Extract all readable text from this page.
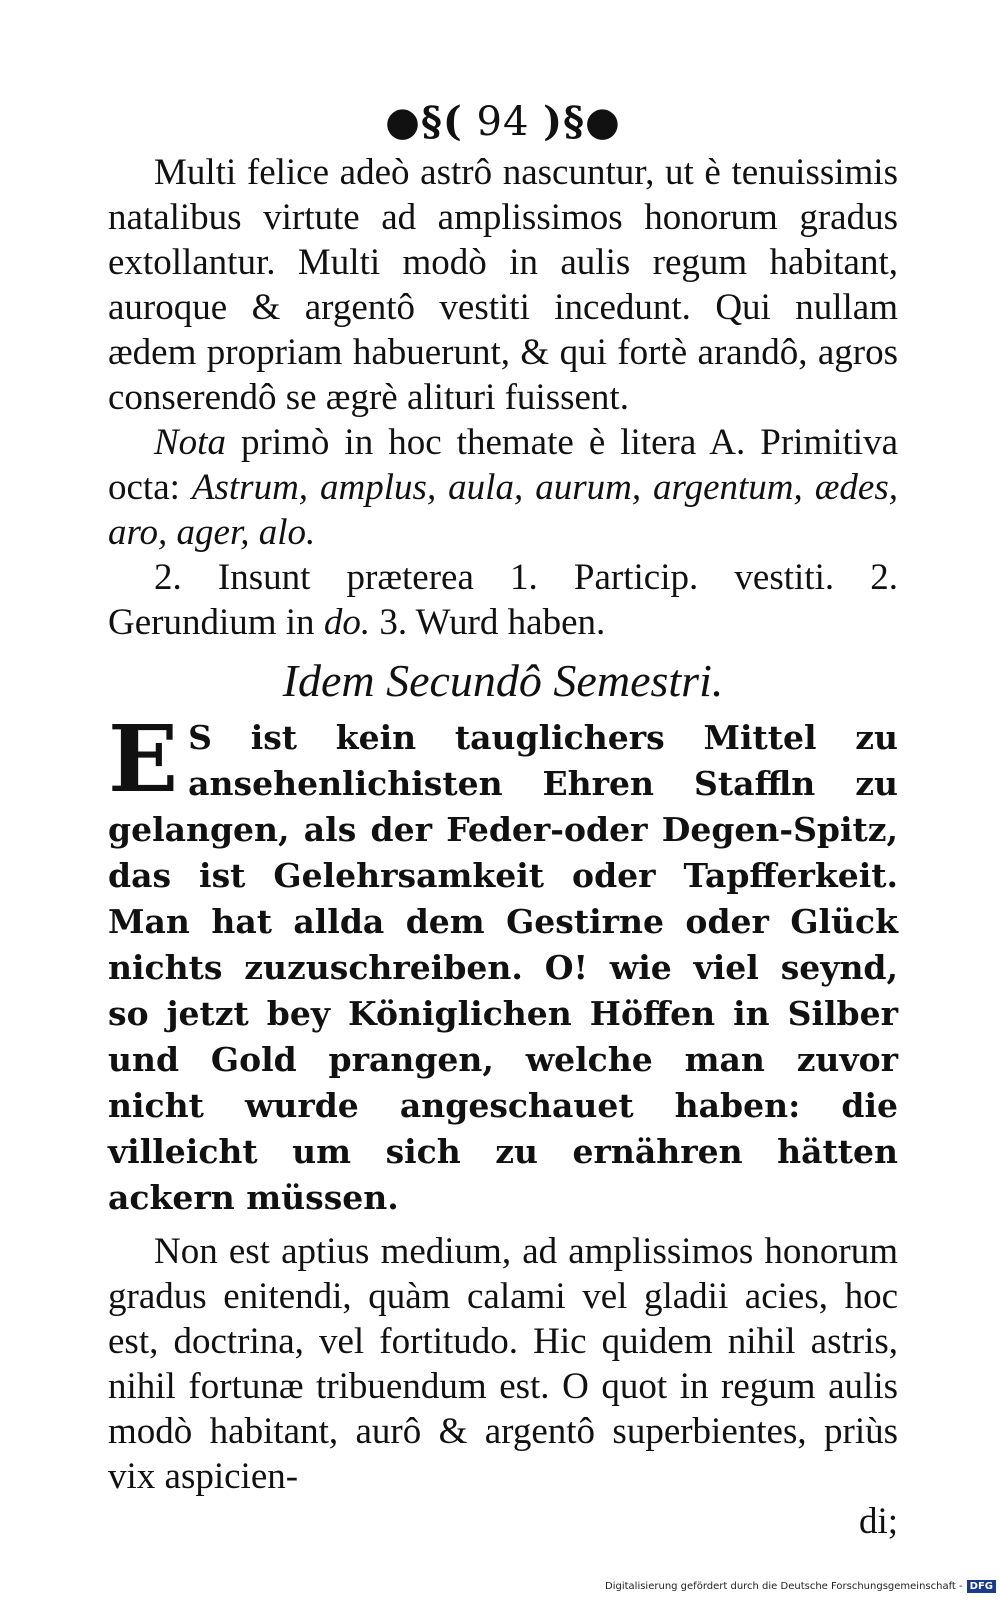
●§( 94 )§●

Multi felice adeò astrô nascuntur, ut è tenuissimis natalibus virtute ad amplissimos honorum gradus extollantur. Multi modò in aulis regum habitant, auroque & argentô vestiti incedunt. Qui nullam ædem propriam habuerunt, & qui fortè arandô, agros conserendô se ægrè alituri fuissent.

Nota primò in hoc themate è litera A. Primitiva octa: Astrum, amplus, aula, aurum, argentum, ædes, aro, ager, alo.

2. Insunt præterea 1. Particip. vestiti. 2. Gerundium in do. 3. Wurd haben.

Idem Secundô Semestri.

E S ist kein tauglichers Mittel zu ansehenlichisten Ehren Staffln zu gelangen, als der Feder-oder Degen-Spitz, das ist Gelehrsamkeit oder Tapfferkeit. Man hat allda dem Gestirne oder Glück nichts zuzuschreiben. O! wie viel seynd, so jetzt bey Königlichen Höffen in Silber und Gold prangen, welche man zuvor nicht wurde angeschauet haben: die villeicht um sich zu ernähren hätten ackern müssen.

Non est aptius medium, ad amplissimos honorum gradus enitendi, quàm calami vel gladii acies, hoc est, doctrina, vel fortitudo. Hic quidem nihil astris, nihil fortunæ tribuendum est. O quot in regum aulis modò habitant, aurô & argentô superbientes, priùs vix aspicien-

di;

Digitalisierung gefördert durch die Deutsche Forschungsgemeinschaft - DFG
